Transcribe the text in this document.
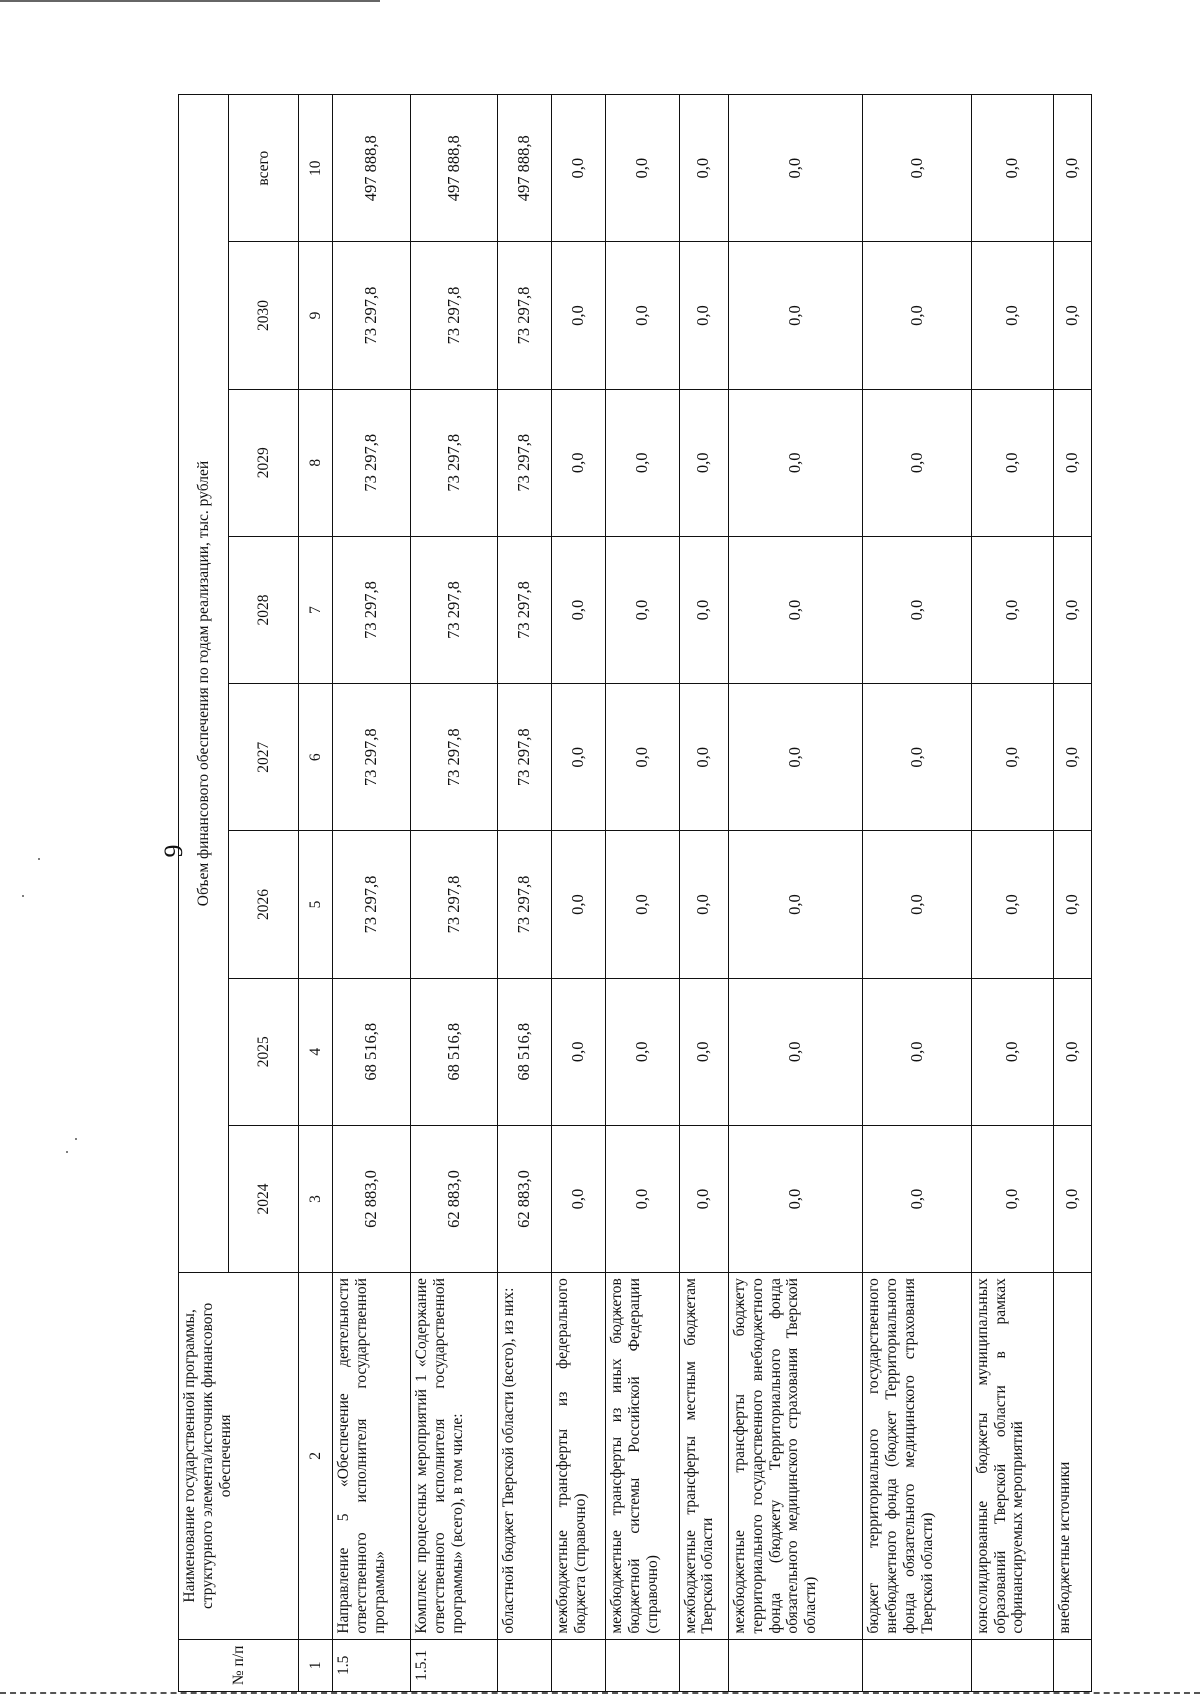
9
№ п/п	Наименование государственной программы, структурного элемента/источник финансового обеспечения	Объем финансового обеспечения по годам реализации, тыс. рублей							
		2024	2025	2026	2027	2028	2029	2030	всего
1	2	3	4	5	6	7	8	9	10
1.5	Направление 5 «Обеспечение деятельности ответственного исполнителя государственной программы»	62 883,0	68 516,8	73 297,8	73 297,8	73 297,8	73 297,8	73 297,8	497 888,8
1.5.1	Комплекс процессных мероприятий 1 «Содержание ответственного исполнителя государственной программы» (всего), в том числе:	62 883,0	68 516,8	73 297,8	73 297,8	73 297,8	73 297,8	73 297,8	497 888,8
	областной бюджет Тверской области (всего), из них:	62 883,0	68 516,8	73 297,8	73 297,8	73 297,8	73 297,8	73 297,8	497 888,8
	межбюджетные трансферты из федерального бюджета (справочно)	0,0	0,0	0,0	0,0	0,0	0,0	0,0	0,0
	межбюджетные трансферты из иных бюджетов бюджетной системы Российской Федерации (справочно)	0,0	0,0	0,0	0,0	0,0	0,0	0,0	0,0
	межбюджетные трансферты местным бюджетам Тверской области	0,0	0,0	0,0	0,0	0,0	0,0	0,0	0,0
	межбюджетные трансферты бюджету территориального государственного внебюджетного фонда (бюджету Территориального фонда обязательного медицинского страхования Тверской области)	0,0	0,0	0,0	0,0	0,0	0,0	0,0	0,0
	бюджет территориального государственного внебюджетного фонда (бюджет Территориального фонда обязательного медицинского страхования Тверской области)	0,0	0,0	0,0	0,0	0,0	0,0	0,0	0,0
	консолидированные бюджеты муниципальных образований Тверской области в рамках софинансируемых мероприятий	0,0	0,0	0,0	0,0	0,0	0,0	0,0	0,0
	внебюджетные источники	0,0	0,0	0,0	0,0	0,0	0,0	0,0	0,0
